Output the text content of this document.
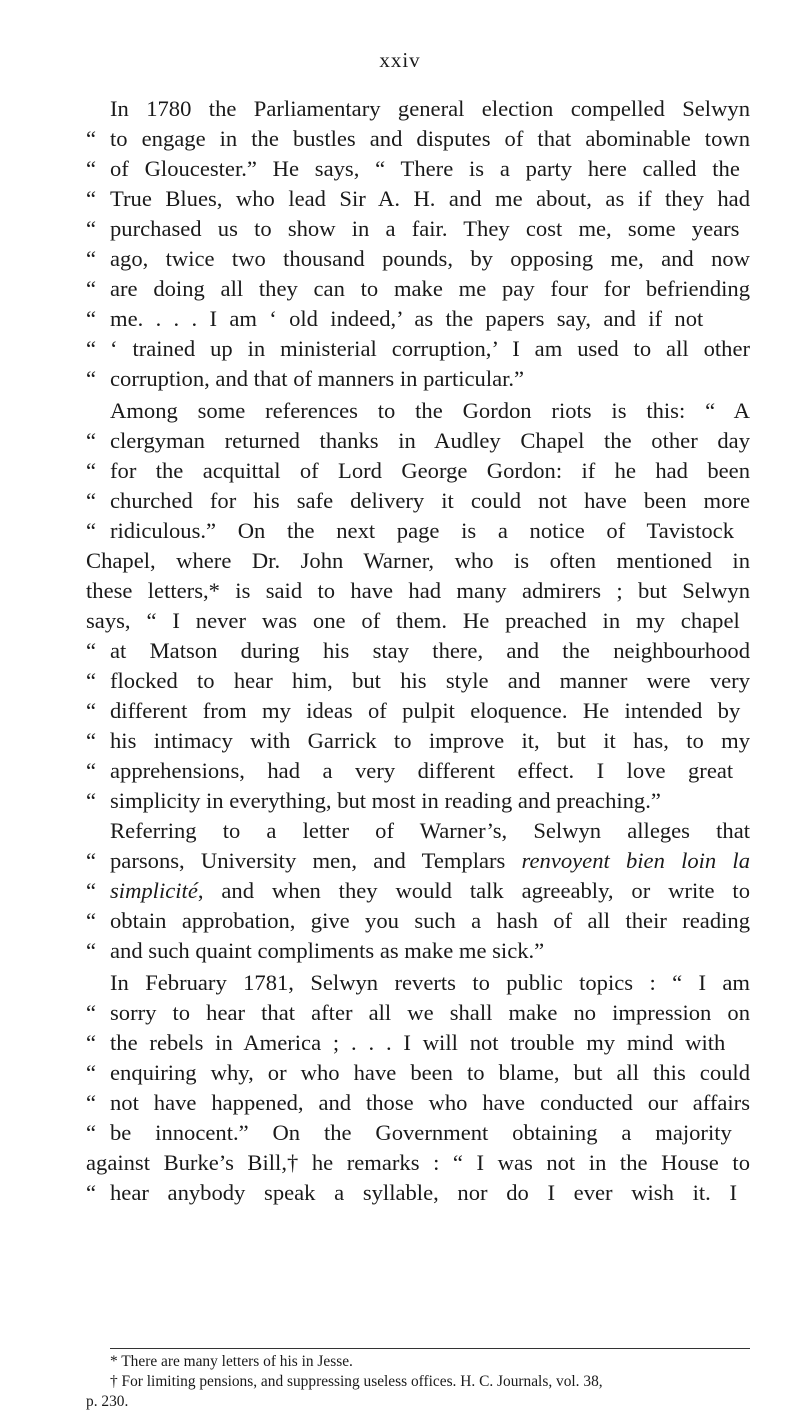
xxiv
In 1780 the Parliamentary general election compelled Selwyn
“ to engage in the bustles and disputes of that abominable town
“ of Gloucester.” He says, “ There is a party here called the
“ True Blues, who lead Sir A. H. and me about, as if they had
“ purchased us to show in a fair. They cost me, some years
“ ago, twice two thousand pounds, by opposing me, and now
“ are doing all they can to make me pay four for befriending
“ me. . . . I am ‘ old indeed,’ as the papers say, and if not
“ ‘ trained up in ministerial corruption,’ I am used to all other
“ corruption, and that of manners in particular.”
Among some references to the Gordon riots is this: “ A
“ clergyman returned thanks in Audley Chapel the other day
“ for the acquittal of Lord George Gordon: if he had been
“ churched for his safe delivery it could not have been more
“ ridiculous.” On the next page is a notice of Tavistock
Chapel, where Dr. John Warner, who is often mentioned in
these letters,* is said to have had many admirers ; but Selwyn
says, “ I never was one of them. He preached in my chapel
“ at Matson during his stay there, and the neighbourhood
“ flocked to hear him, but his style and manner were very
“ different from my ideas of pulpit eloquence. He intended by
“ his intimacy with Garrick to improve it, but it has, to my
“ apprehensions, had a very different effect. I love great
“ simplicity in everything, but most in reading and preaching.”
Referring to a letter of Warner’s, Selwyn alleges that
“ parsons, University men, and Templars renvoyent bien loin la
“ simplicité, and when they would talk agreeably, or write to
“ obtain approbation, give you such a hash of all their reading
“ and such quaint compliments as make me sick.”
In February 1781, Selwyn reverts to public topics : “ I am
“ sorry to hear that after all we shall make no impression on
“ the rebels in America ; . . . I will not trouble my mind with
“ enquiring why, or who have been to blame, but all this could
“ not have happened, and those who have conducted our affairs
“ be innocent.” On the Government obtaining a majority
against Burke’s Bill,† he remarks : “ I was not in the House to
“ hear anybody speak a syllable, nor do I ever wish it. I
* There are many letters of his in Jesse.
† For limiting pensions, and suppressing useless offices. H. C. Journals, vol. 38,
p. 230.
